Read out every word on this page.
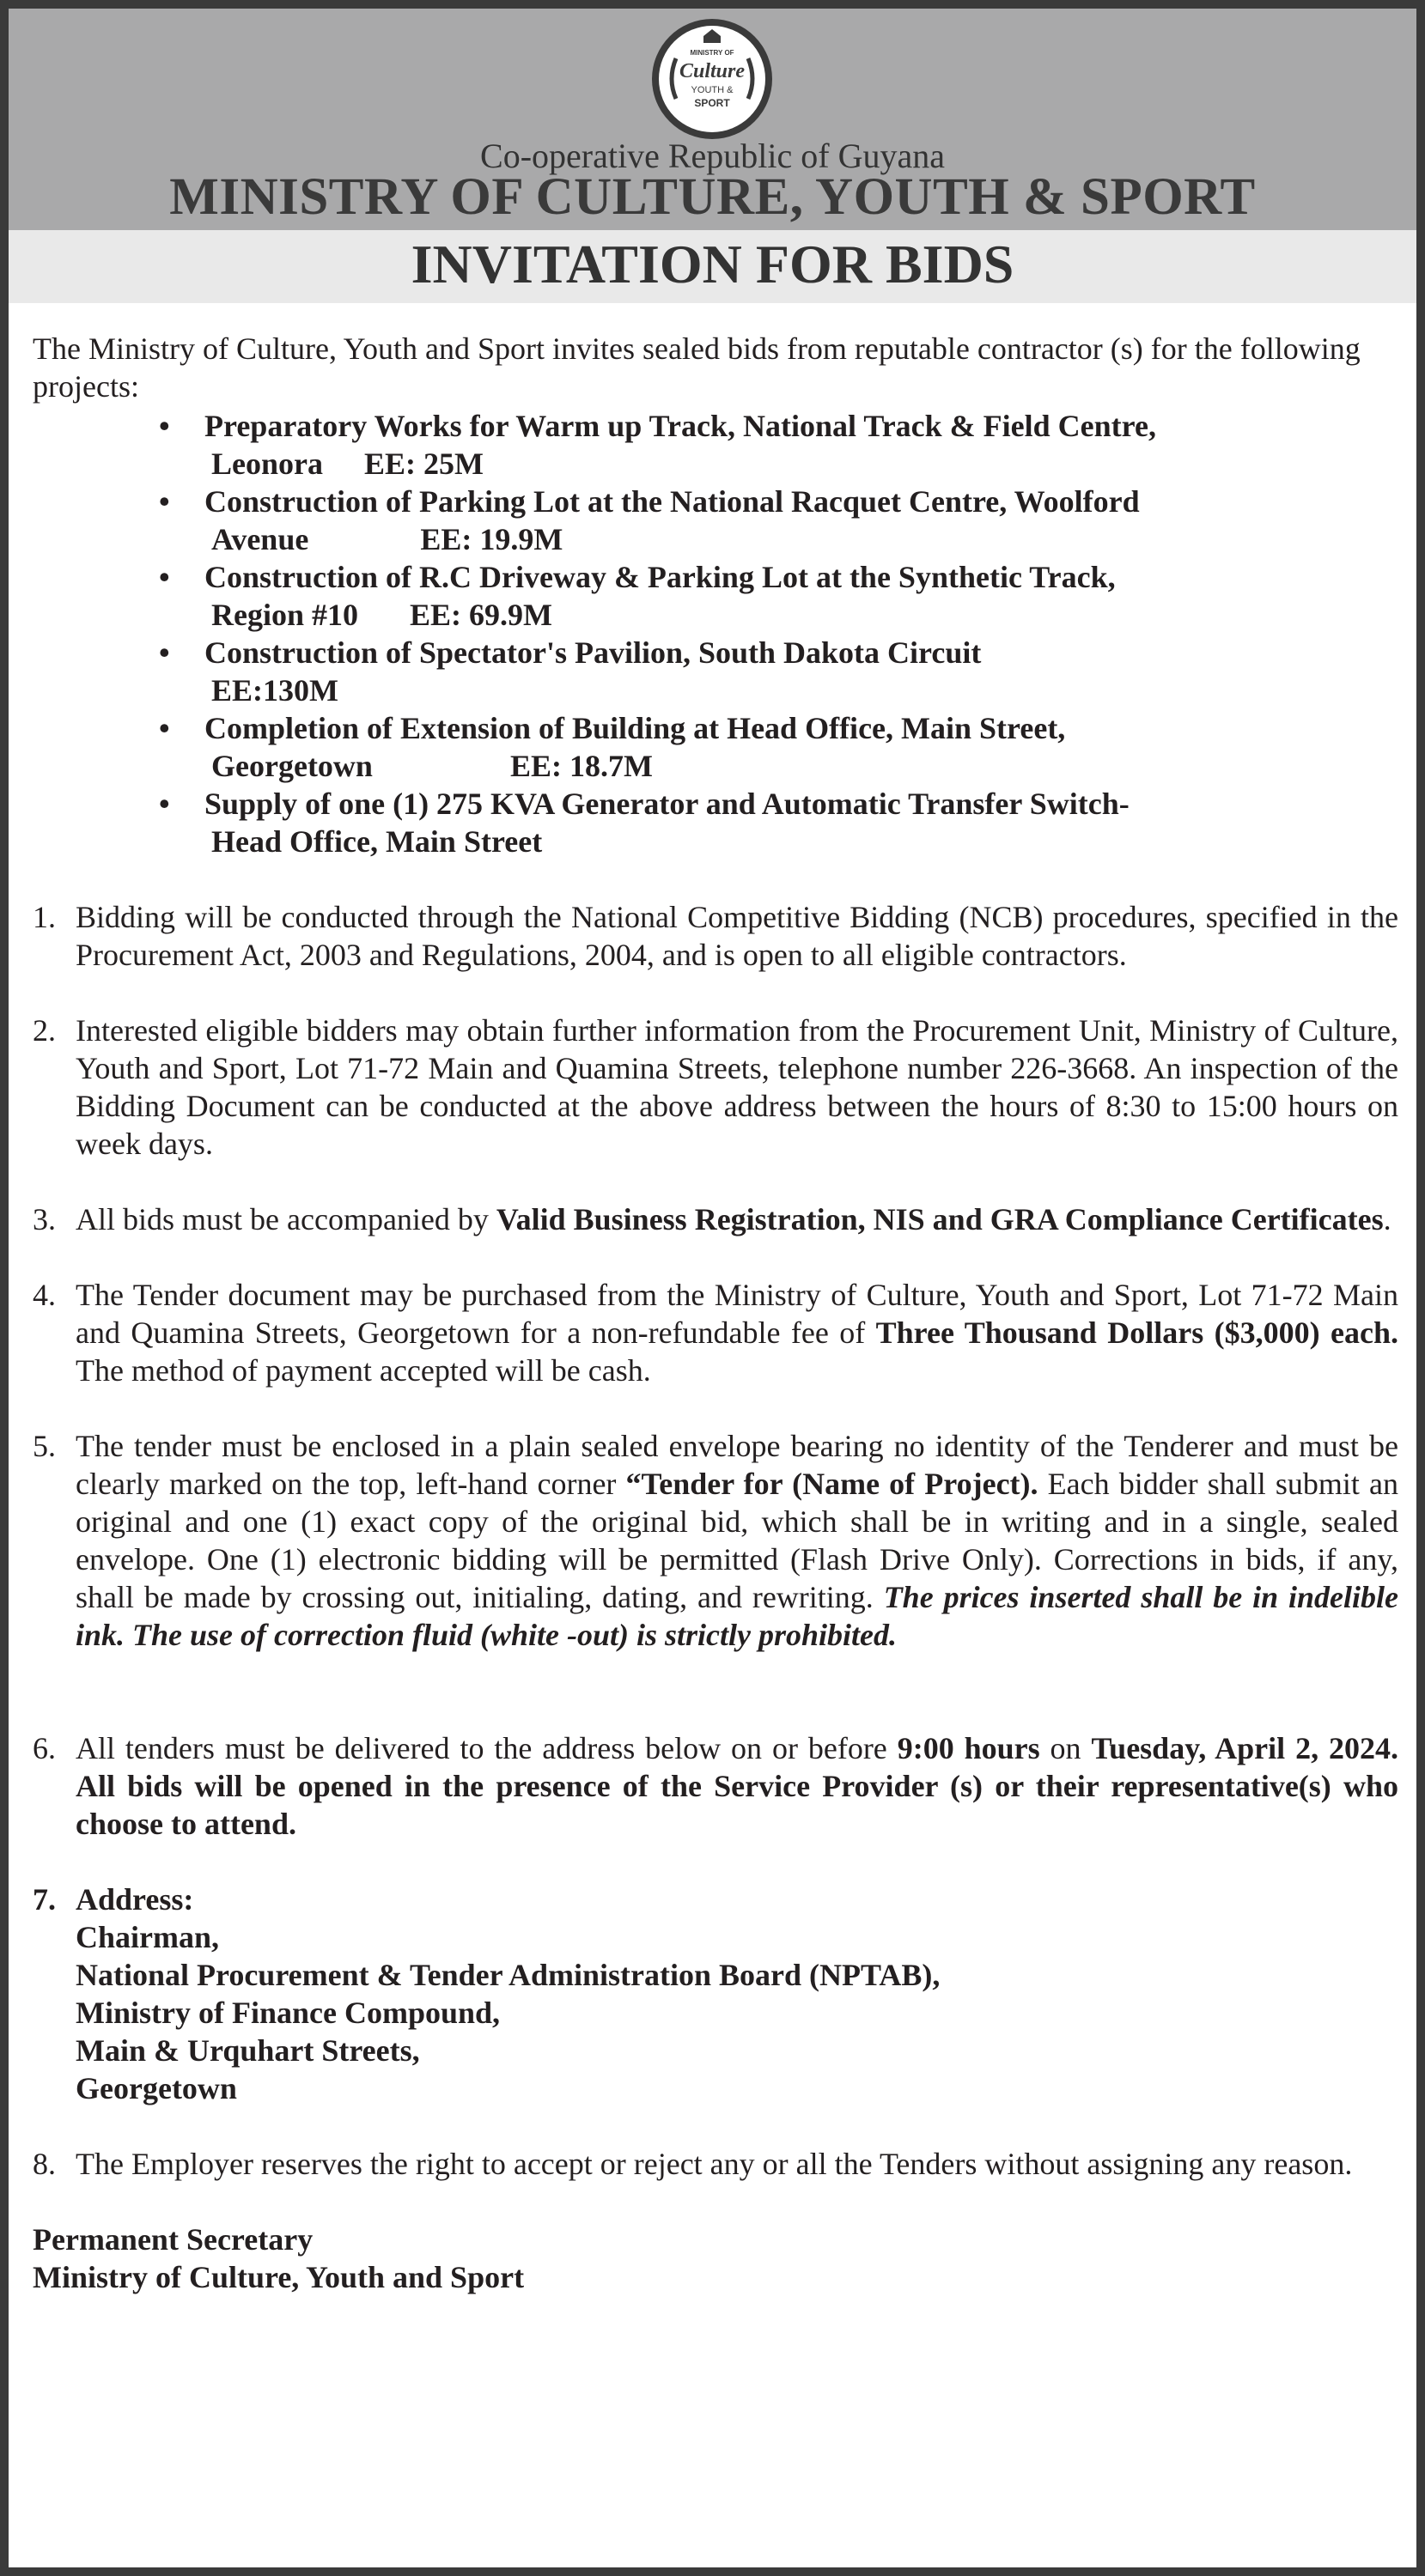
MINISTRY OF
Culture
YOUTH &
SPORT
Co-operative Republic of Guyana
MINISTRY OF CULTURE, YOUTH & SPORT
INVITATION FOR BIDS

The Ministry of Culture, Youth and Sport invites sealed bids from reputable contractor (s) for the following projects:

• Preparatory Works for Warm up Track, National Track & Field Centre,
Leonora EE: 25M
• Construction of Parking Lot at the National Racquet Centre, Woolford
Avenue	EE: 19.9M
• Construction of R.C Driveway & Parking Lot at the Synthetic Track,
Region #10 EE: 69.9M
• Construction of Spectator's Pavilion, South Dakota Circuit
EE:130M
• Completion of Extension of Building at Head Office, Main Street,
Georgetown	EE: 18.7M
• Supply of one (1) 275 KVA Generator and Automatic Transfer Switch-
Head Office, Main Street
1. Bidding will be conducted through the National Competitive Bidding (NCB) procedures, specified in the Procurement Act, 2003 and Regulations, 2004, and is open to all eligible contractors.
2. Interested eligible bidders may obtain further information from the Procurement Unit, Ministry of Culture, Youth and Sport, Lot 71-72 Main and Quamina Streets, telephone number 226-3668. An inspection of the Bidding Document can be conducted at the above address between the hours of 8:30 to 15:00 hours on week days.
3. All bids must be accompanied by Valid Business Registration, NIS and GRA Compliance Certificates.
4. The Tender document may be purchased from the Ministry of Culture, Youth and Sport, Lot 71-72 Main and Quamina Streets, Georgetown for a non-refundable fee of Three Thousand Dollars ($3,000) each. The method of payment accepted will be cash.
5. The tender must be enclosed in a plain sealed envelope bearing no identity of the Tenderer and must be clearly marked on the top, left-hand corner “Tender for (Name of Project). Each bidder shall submit an original and one (1) exact copy of the original bid, which shall be in writing and in a single, sealed envelope. One (1) electronic bidding will be permitted (Flash Drive Only). Corrections in bids, if any, shall be made by crossing out, initialing, dating, and rewriting. The prices inserted shall be in indelible ink. The use of correction fluid (white -out) is strictly prohibited.
6. All tenders must be delivered to the address below on or before 9:00 hours on Tuesday, April 2, 2024. All bids will be opened in the presence of the Service Provider (s) or their representative(s) who choose to attend.
7. Address:
Chairman,
National Procurement & Tender Administration Board (NPTAB),
Ministry of Finance Compound,
Main & Urquhart Streets,
Georgetown
8. The Employer reserves the right to accept or reject any or all the Tenders without assigning any reason.
Permanent Secretary
Ministry of Culture, Youth and Sport
